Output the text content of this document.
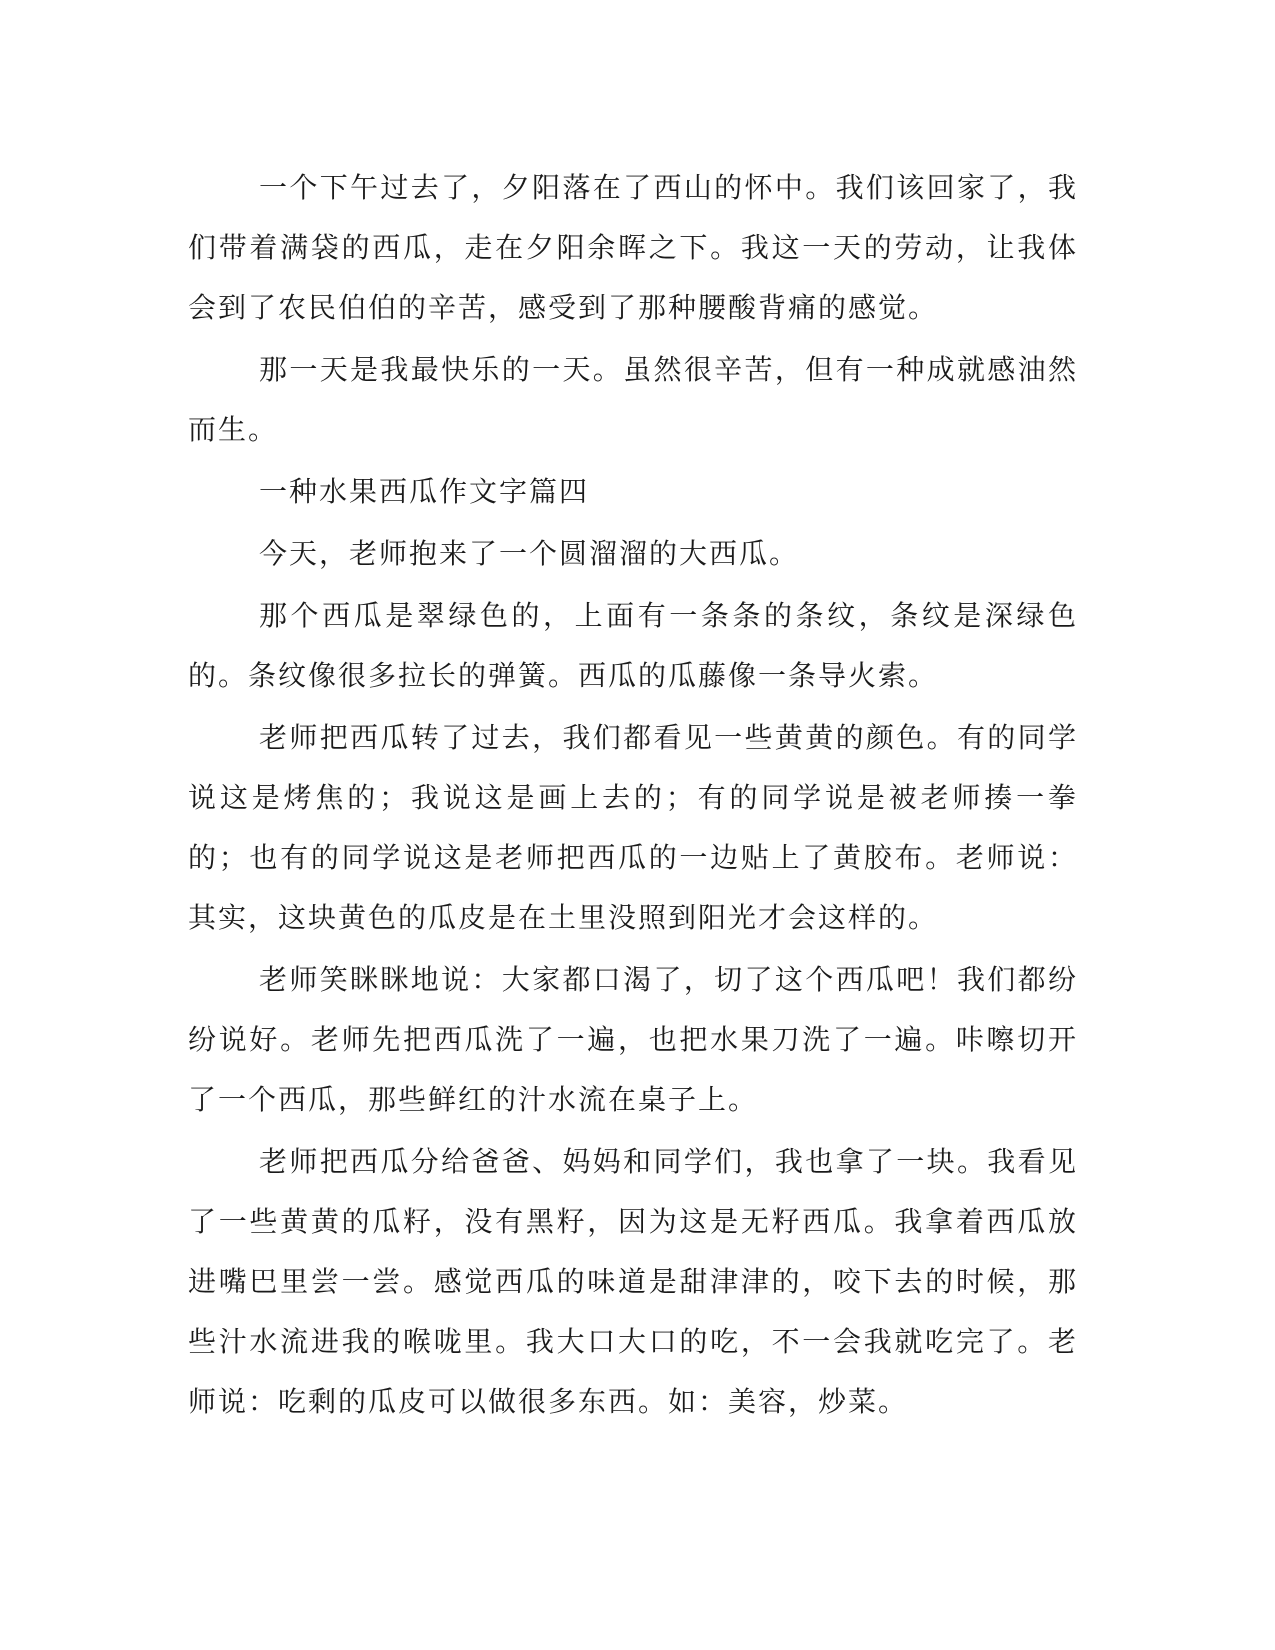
一个下午过去了，夕阳落在了西山的怀中。我们该回家了，我们带着满袋的西瓜，走在夕阳余晖之下。我这一天的劳动，让我体会到了农民伯伯的辛苦，感受到了那种腰酸背痛的感觉。

那一天是我最快乐的一天。虽然很辛苦，但有一种成就感油然而生。

一种水果西瓜作文字篇四

今天，老师抱来了一个圆溜溜的大西瓜。

那个西瓜是翠绿色的，上面有一条条的条纹，条纹是深绿色的。条纹像很多拉长的弹簧。西瓜的瓜藤像一条导火索。

老师把西瓜转了过去，我们都看见一些黄黄的颜色。有的同学说这是烤焦的；我说这是画上去的；有的同学说是被老师揍一拳的；也有的同学说这是老师把西瓜的一边贴上了黄胶布。老师说：其实，这块黄色的瓜皮是在土里没照到阳光才会这样的。

老师笑眯眯地说：大家都口渴了，切了这个西瓜吧！我们都纷纷说好。老师先把西瓜洗了一遍，也把水果刀洗了一遍。咔嚓切开了一个西瓜，那些鲜红的汁水流在桌子上。

老师把西瓜分给爸爸、妈妈和同学们，我也拿了一块。我看见了一些黄黄的瓜籽，没有黑籽，因为这是无籽西瓜。我拿着西瓜放进嘴巴里尝一尝。感觉西瓜的味道是甜津津的，咬下去的时候，那些汁水流进我的喉咙里。我大口大口的吃，不一会我就吃完了。老师说：吃剩的瓜皮可以做很多东西。如：美容，炒菜。
